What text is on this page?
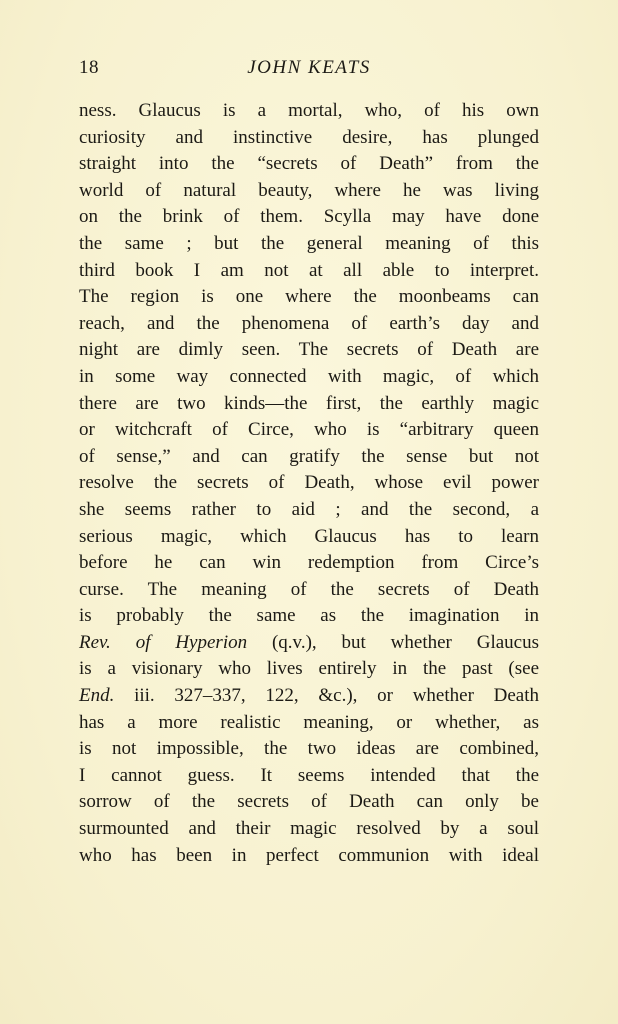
18	JOHN KEATS
ness. Glaucus is a mortal, who, of his own
curiosity and instinctive desire, has plunged
straight into the “secrets of Death” from the
world of natural beauty, where he was living
on the brink of them. Scylla may have done
the same ; but the general meaning of this
third book I am not at all able to interpret.
The region is one where the moonbeams can
reach, and the phenomena of earth’s day and
night are dimly seen. The secrets of Death are
in some way connected with magic, of which
there are two kinds—the first, the earthly magic
or witchcraft of Circe, who is “arbitrary queen
of sense,” and can gratify the sense but not
resolve the secrets of Death, whose evil power
she seems rather to aid ; and the second, a
serious magic, which Glaucus has to learn
before he can win redemption from Circe’s
curse. The meaning of the secrets of Death
is probably the same as the imagination in
Rev. of Hyperion (q.v.), but whether Glaucus
is a visionary who lives entirely in the past (see
End. iii. 327–337, 122, &c.), or whether Death
has a more realistic meaning, or whether, as
is not impossible, the two ideas are combined,
I cannot guess. It seems intended that the
sorrow of the secrets of Death can only be
surmounted and their magic resolved by a soul
who has been in perfect communion with ideal
